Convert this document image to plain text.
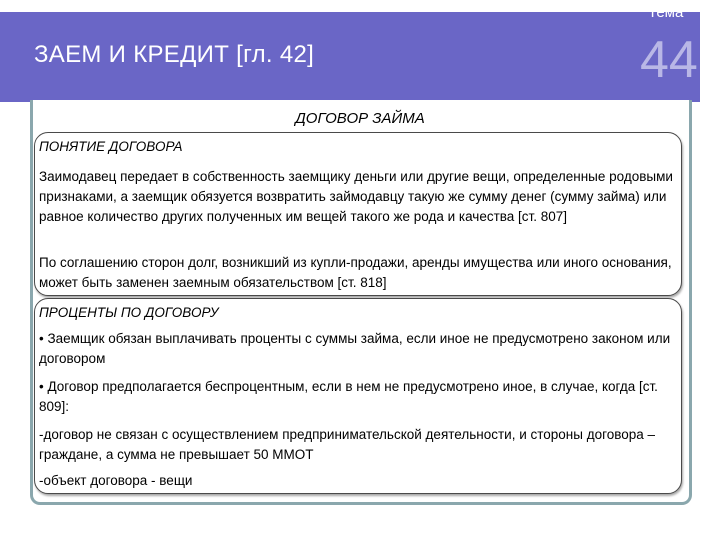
ЗАЕМ И КРЕДИТ [гл. 42]
Тема
44
ДОГОВОР ЗАЙМА
ПОНЯТИЕ ДОГОВОРА
Заимодавец передает в собственность заемщику деньги или другие вещи, определенные родовыми признаками, а заемщик обязуется возвратить займодавцу такую же сумму денег (сумму займа) или равное количество других полученных им вещей такого же рода и качества [ст. 807]
По соглашению сторон долг, возникший из купли-продажи, аренды имущества или иного основания, может быть заменен заемным обязательством [ст. 818]
ПРОЦЕНТЫ ПО ДОГОВОРУ
• Заемщик обязан выплачивать проценты с суммы займа, если иное не предусмотрено законом или договором
• Договор предполагается беспроцентным, если в нем не предусмотрено иное, в случае, когда [ст. 809]:
-договор не связан с осуществлением предпринимательской деятельности, и стороны договора – граждане, а сумма не превышает 50 ММОТ
-объект договора - вещи
